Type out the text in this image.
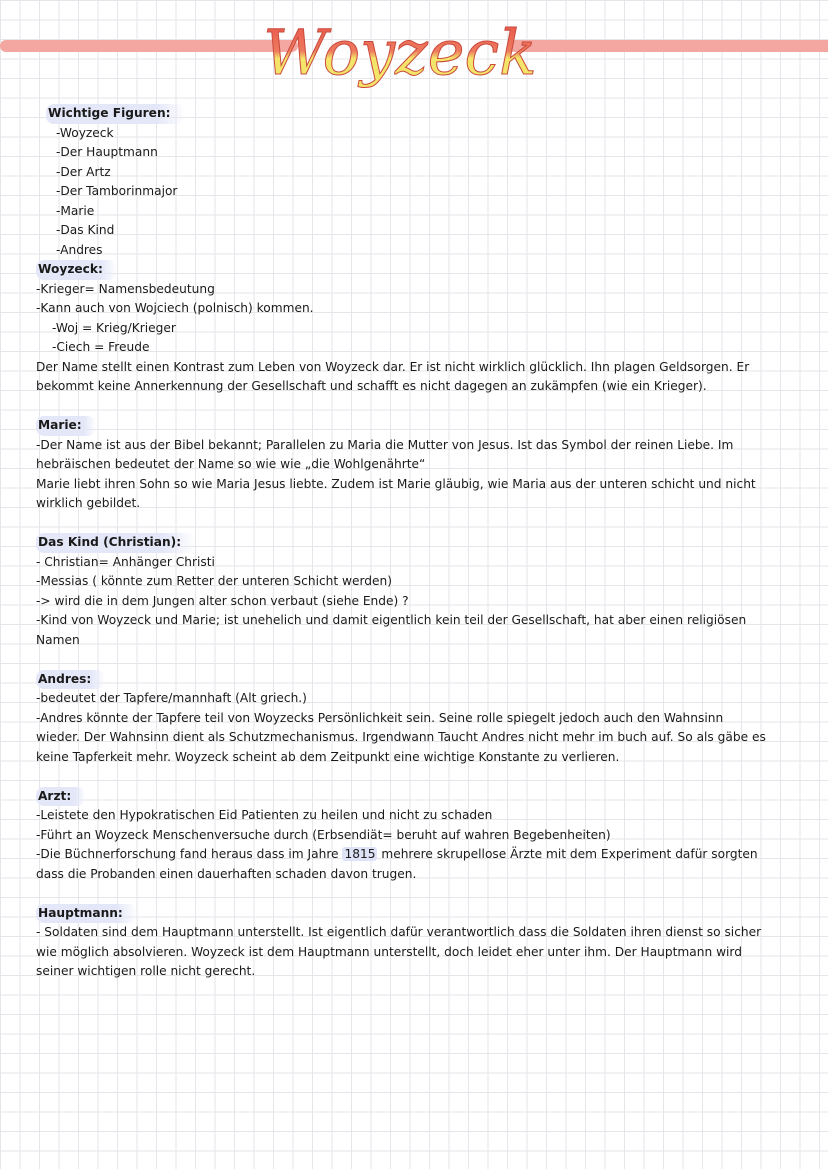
Woyzeck
Wichtige Figuren:
-Woyzeck
-Der Hauptmann
-Der Artz
-Der Tamborinmajor
-Marie
-Das Kind
-Andres
Woyzeck:
-Krieger= Namensbedeutung
-Kann auch von Wojciech (polnisch) kommen.
-Woj = Krieg/Krieger
-Ciech = Freude
Der Name stellt einen Kontrast zum Leben von Woyzeck dar. Er ist nicht wirklich glücklich. Ihn plagen Geldsorgen. Er
bekommt keine Annerkennung der Gesellschaft und schafft es nicht dagegen an zukämpfen (wie ein Krieger).
Marie:
-Der Name ist aus der Bibel bekannt; Parallelen zu Maria die Mutter von Jesus. Ist das Symbol der reinen Liebe. Im
hebräischen bedeutet der Name so wie wie „die Wohlgenährte“
Marie liebt ihren Sohn so wie Maria Jesus liebte. Zudem ist Marie gläubig, wie Maria aus der unteren schicht und nicht
wirklich gebildet.
Das Kind (Christian):
- Christian= Anhänger Christi
-Messias ( könnte zum Retter der unteren Schicht werden)
-> wird die in dem Jungen alter schon verbaut (siehe Ende) ?
-Kind von Woyzeck und Marie; ist unehelich und damit eigentlich kein teil der Gesellschaft, hat aber einen religiösen
Namen
Andres:
-bedeutet der Tapfere/mannhaft (Alt griech.)
-Andres könnte der Tapfere teil von Woyzecks Persönlichkeit sein. Seine rolle spiegelt jedoch auch den Wahnsinn
wieder. Der Wahnsinn dient als Schutzmechanismus. Irgendwann Taucht Andres nicht mehr im buch auf. So als gäbe es
keine Tapferkeit mehr. Woyzeck scheint ab dem Zeitpunkt eine wichtige Konstante zu verlieren.
Arzt:
-Leistete den Hypokratischen Eid Patienten zu heilen und nicht zu schaden
-Führt an Woyzeck Menschenversuche durch (Erbsendiät= beruht auf wahren Begebenheiten)
-Die Büchnerforschung fand heraus dass im Jahre 1815 mehrere skrupellose Ärzte mit dem Experiment dafür sorgten
dass die Probanden einen dauerhaften schaden davon trugen.
Hauptmann:
- Soldaten sind dem Hauptmann unterstellt. Ist eigentlich dafür verantwortlich dass die Soldaten ihren dienst so sicher
wie möglich absolvieren. Woyzeck ist dem Hauptmann unterstellt, doch leidet eher unter ihm. Der Hauptmann wird
seiner wichtigen rolle nicht gerecht.
